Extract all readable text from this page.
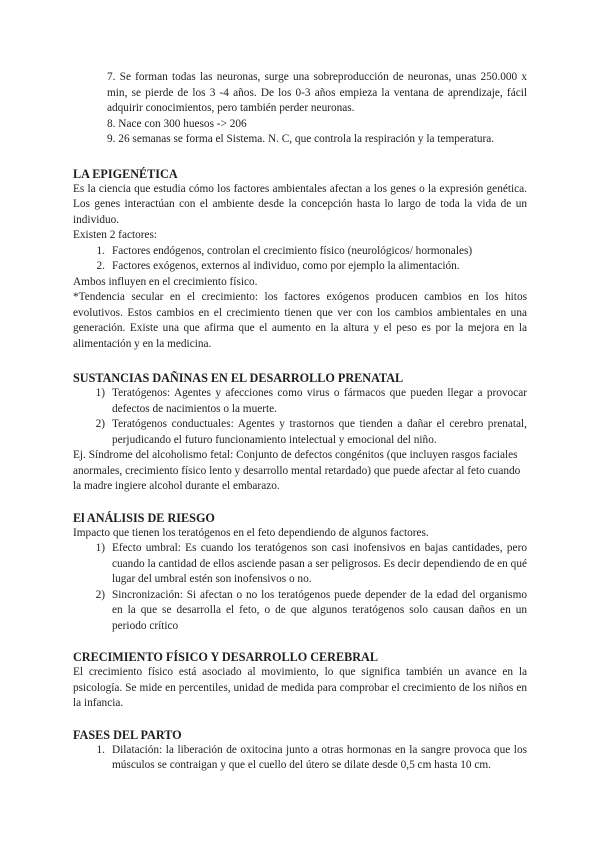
7. Se forman todas las neuronas, surge una sobreproducción de neuronas, unas 250.000 x min, se pierde de los 3 -4 años. De los 0-3 años empieza la ventana de aprendizaje, fácil adquirir conocimientos, pero también perder neuronas.

8. Nace con 300 huesos -> 206

9. 26 semanas se forma el Sistema. N. C, que controla la respiración y la temperatura.

LA EPIGENÉTICA

Es la ciencia que estudia cómo los factores ambientales afectan a los genes o la expresión genética. Los genes interactúan con el ambiente desde la concepción hasta lo largo de toda la vida de un individuo.

Existen 2 factores:

1. Factores endógenos, controlan el crecimiento físico (neurológicos/ hormonales)
2. Factores exógenos, externos al individuo, como por ejemplo la alimentación.

Ambos influyen en el crecimiento físico.

*Tendencia secular en el crecimiento: los factores exógenos producen cambios en los hitos evolutivos. Estos cambios en el crecimiento tienen que ver con los cambios ambientales en una generación. Existe una que afirma que el aumento en la altura y el peso es por la mejora en la alimentación y en la medicina.

SUSTANCIAS DAÑINAS EN EL DESARROLLO PRENATAL
1) Teratógenos: Agentes y afecciones como virus o fármacos que pueden llegar a provocar defectos de nacimientos o la muerte.
2) Teratógenos conductuales: Agentes y trastornos que tienden a dañar el cerebro prenatal, perjudicando el futuro funcionamiento intelectual y emocional del niño.

Ej. Síndrome del alcoholismo fetal: Conjunto de defectos congénitos (que incluyen rasgos faciales anormales, crecimiento físico lento y desarrollo mental retardado) que puede afectar al feto cuando la madre ingiere alcohol durante el embarazo.

El ANÁLISIS DE RIESGO

Impacto que tienen los teratógenos en el feto dependiendo de algunos factores.

1) Efecto umbral: Es cuando los teratógenos son casi inofensivos en bajas cantidades, pero cuando la cantidad de ellos asciende pasan a ser peligrosos. Es decir dependiendo de en qué lugar del umbral estén son inofensivos o no.
2) Sincronización: Si afectan o no los teratógenos puede depender de la edad del organismo en la que se desarrolla el feto, o de que algunos teratógenos solo causan daños en un periodo crítico
CRECIMIENTO FÍSICO Y DESARROLLO CEREBRAL

El crecimiento físico está asociado al movimiento, lo que significa también un avance en la psicología. Se mide en percentiles, unidad de medida para comprobar el crecimiento de los niños en la infancia.

FASES DEL PARTO
1. Dilatación: la liberación de oxitocina junto a otras hormonas en la sangre provoca que los músculos se contraigan y que el cuello del útero se dilate desde 0,5 cm hasta 10 cm.
